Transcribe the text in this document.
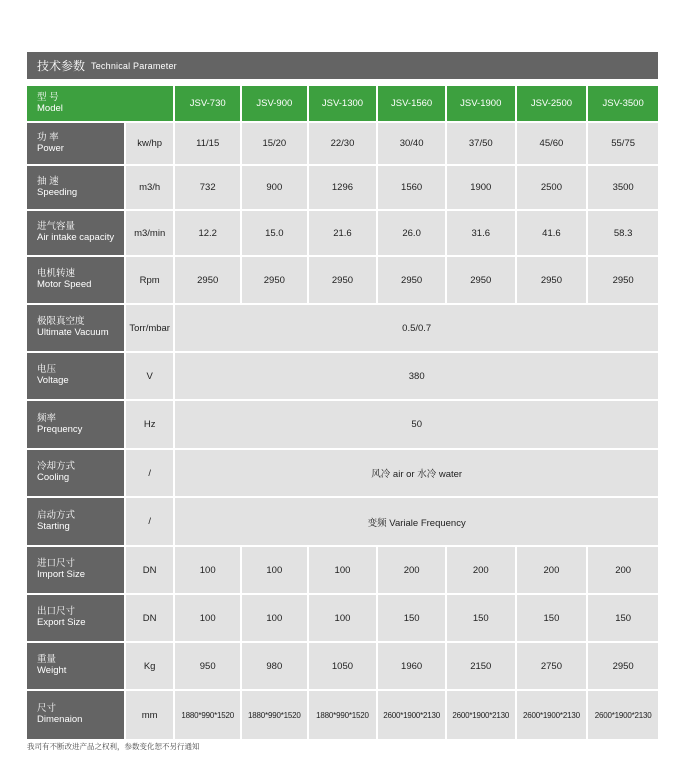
技术参数 Technical Parameter
型 号
Model		JSV-730	JSV-900	JSV-1300	JSV-1560	JSV-1900	JSV-2500	JSV-3500

功 率
Power	kw/hp	11/15	15/20	22/30	30/40	37/50	45/60	55/75

抽 速
Speeding	m3/h	732	900	1296	1560	1900	2500	3500

进气容量
Air intake capacity	m3/min	12.2	15.0	21.6	26.0	31.6	41.6	58.3

电机转速
Motor Speed	Rpm	2950	2950	2950	2950	2950	2950	2950

极限真空度
Ultimate Vacuum	Torr/mbar	0.5/0.7						

电压
Voltage	V	380						

频率
Prequency	Hz	50						

冷却方式
Cooling	/	风冷 air or 水冷 water						

启动方式
Starting	/	变频 Variale Frequency						

进口尺寸
Import Size	DN	100	100	100	200	200	200	200

出口尺寸
Export Size	DN	100	100	100	150	150	150	150

重量
Weight	Kg	950	980	1050	1960	2150	2750	2950

尺寸
Dimenaion	mm	1880*990*1520	1880*990*1520	1880*990*1520	2600*1900*2130	2600*1900*2130	2600*1900*2130	2600*1900*2130
我司有不断改进产品之权利，参数变化恕不另行通知
